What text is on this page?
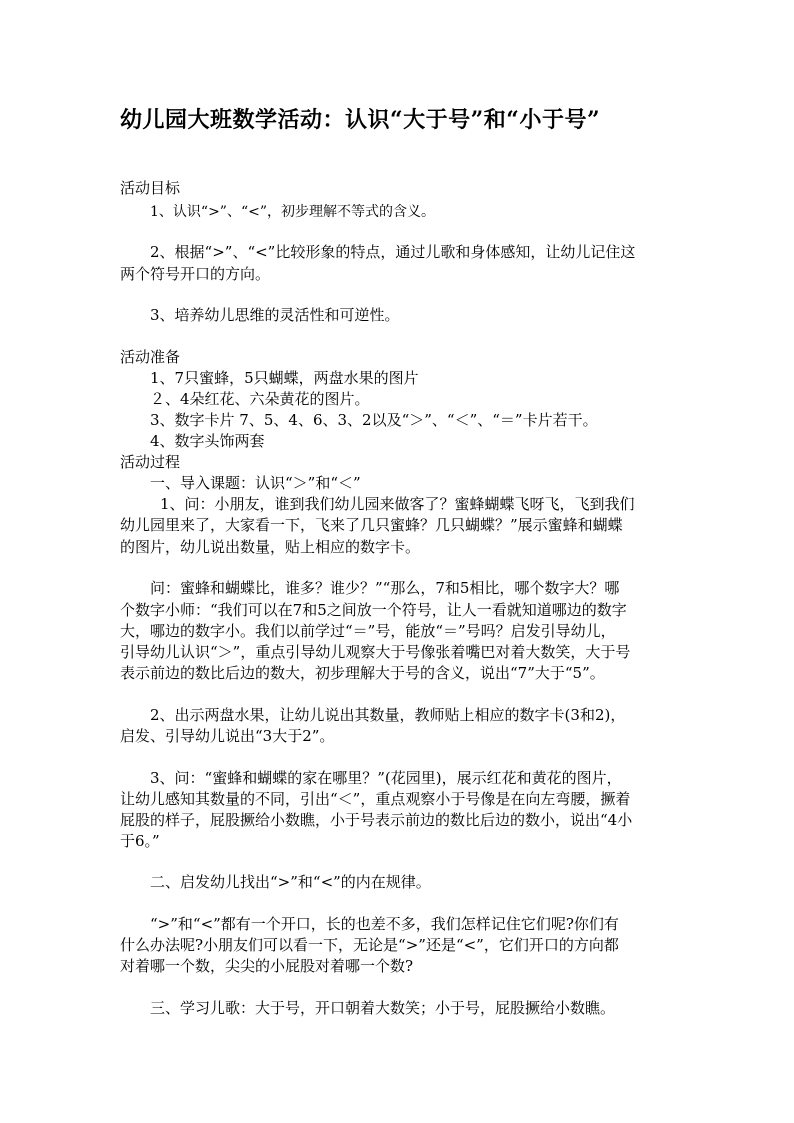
幼儿园大班数学活动：认识“大于号”和“小于号”
活动目标
1、认识“>”、“<”，初步理解不等式的含义。
2、根据“>”、“<”比较形象的特点，通过儿歌和身体感知，让幼儿记住这
两个符号开口的方向。
3、培养幼儿思维的灵活性和可逆性。
活动准备
1、7只蜜蜂，5只蝴蝶，两盘水果的图片
２、4朵红花、六朵黄花的图片。
3、数字卡片 7、5、4、6、3、2以及“＞”、“＜”、“＝”卡片若干。
4、数字头饰两套
活动过程
一、导入课题：认识“＞”和“＜”
1、问：小朋友，谁到我们幼儿园来做客了？蜜蜂蝴蝶飞呀飞，飞到我们
幼儿园里来了，大家看一下，飞来了几只蜜蜂？几只蝴蝶？”展示蜜蜂和蝴蝶
的图片，幼儿说出数量，贴上相应的数字卡。
问：蜜蜂和蝴蝶比，谁多？谁少？”“那么，7和5相比，哪个数字大？哪
个数字小师：“我们可以在7和5之间放一个符号，让人一看就知道哪边的数字
大，哪边的数字小。我们以前学过“＝”号，能放“＝”号吗？启发引导幼儿，
引导幼儿认识“＞”，重点引导幼儿观察大于号像张着嘴巴对着大数笑，大于号
表示前边的数比后边的数大，初步理解大于号的含义，说出“7”大于“5”。
2、出示两盘水果，让幼儿说出其数量，教师贴上相应的数字卡(3和2)，
启发、引导幼儿说出“3大于2”。
3、问：“蜜蜂和蝴蝶的家在哪里？”(花园里)，展示红花和黄花的图片，
让幼儿感知其数量的不同，引出“＜”，重点观察小于号像是在向左弯腰，撅着
屁股的样子，屁股撅给小数瞧，小于号表示前边的数比后边的数小，说出“4小
于6。”
二、启发幼儿找出“>”和“<”的内在规律。
“>”和“<”都有一个开口，长的也差不多，我们怎样记住它们呢?你们有
什么办法呢?小朋友们可以看一下，无论是“>”还是“<”，它们开口的方向都
对着哪一个数，尖尖的小屁股对着哪一个数?
三、学习儿歌：大于号，开口朝着大数笑；小于号，屁股撅给小数瞧。
